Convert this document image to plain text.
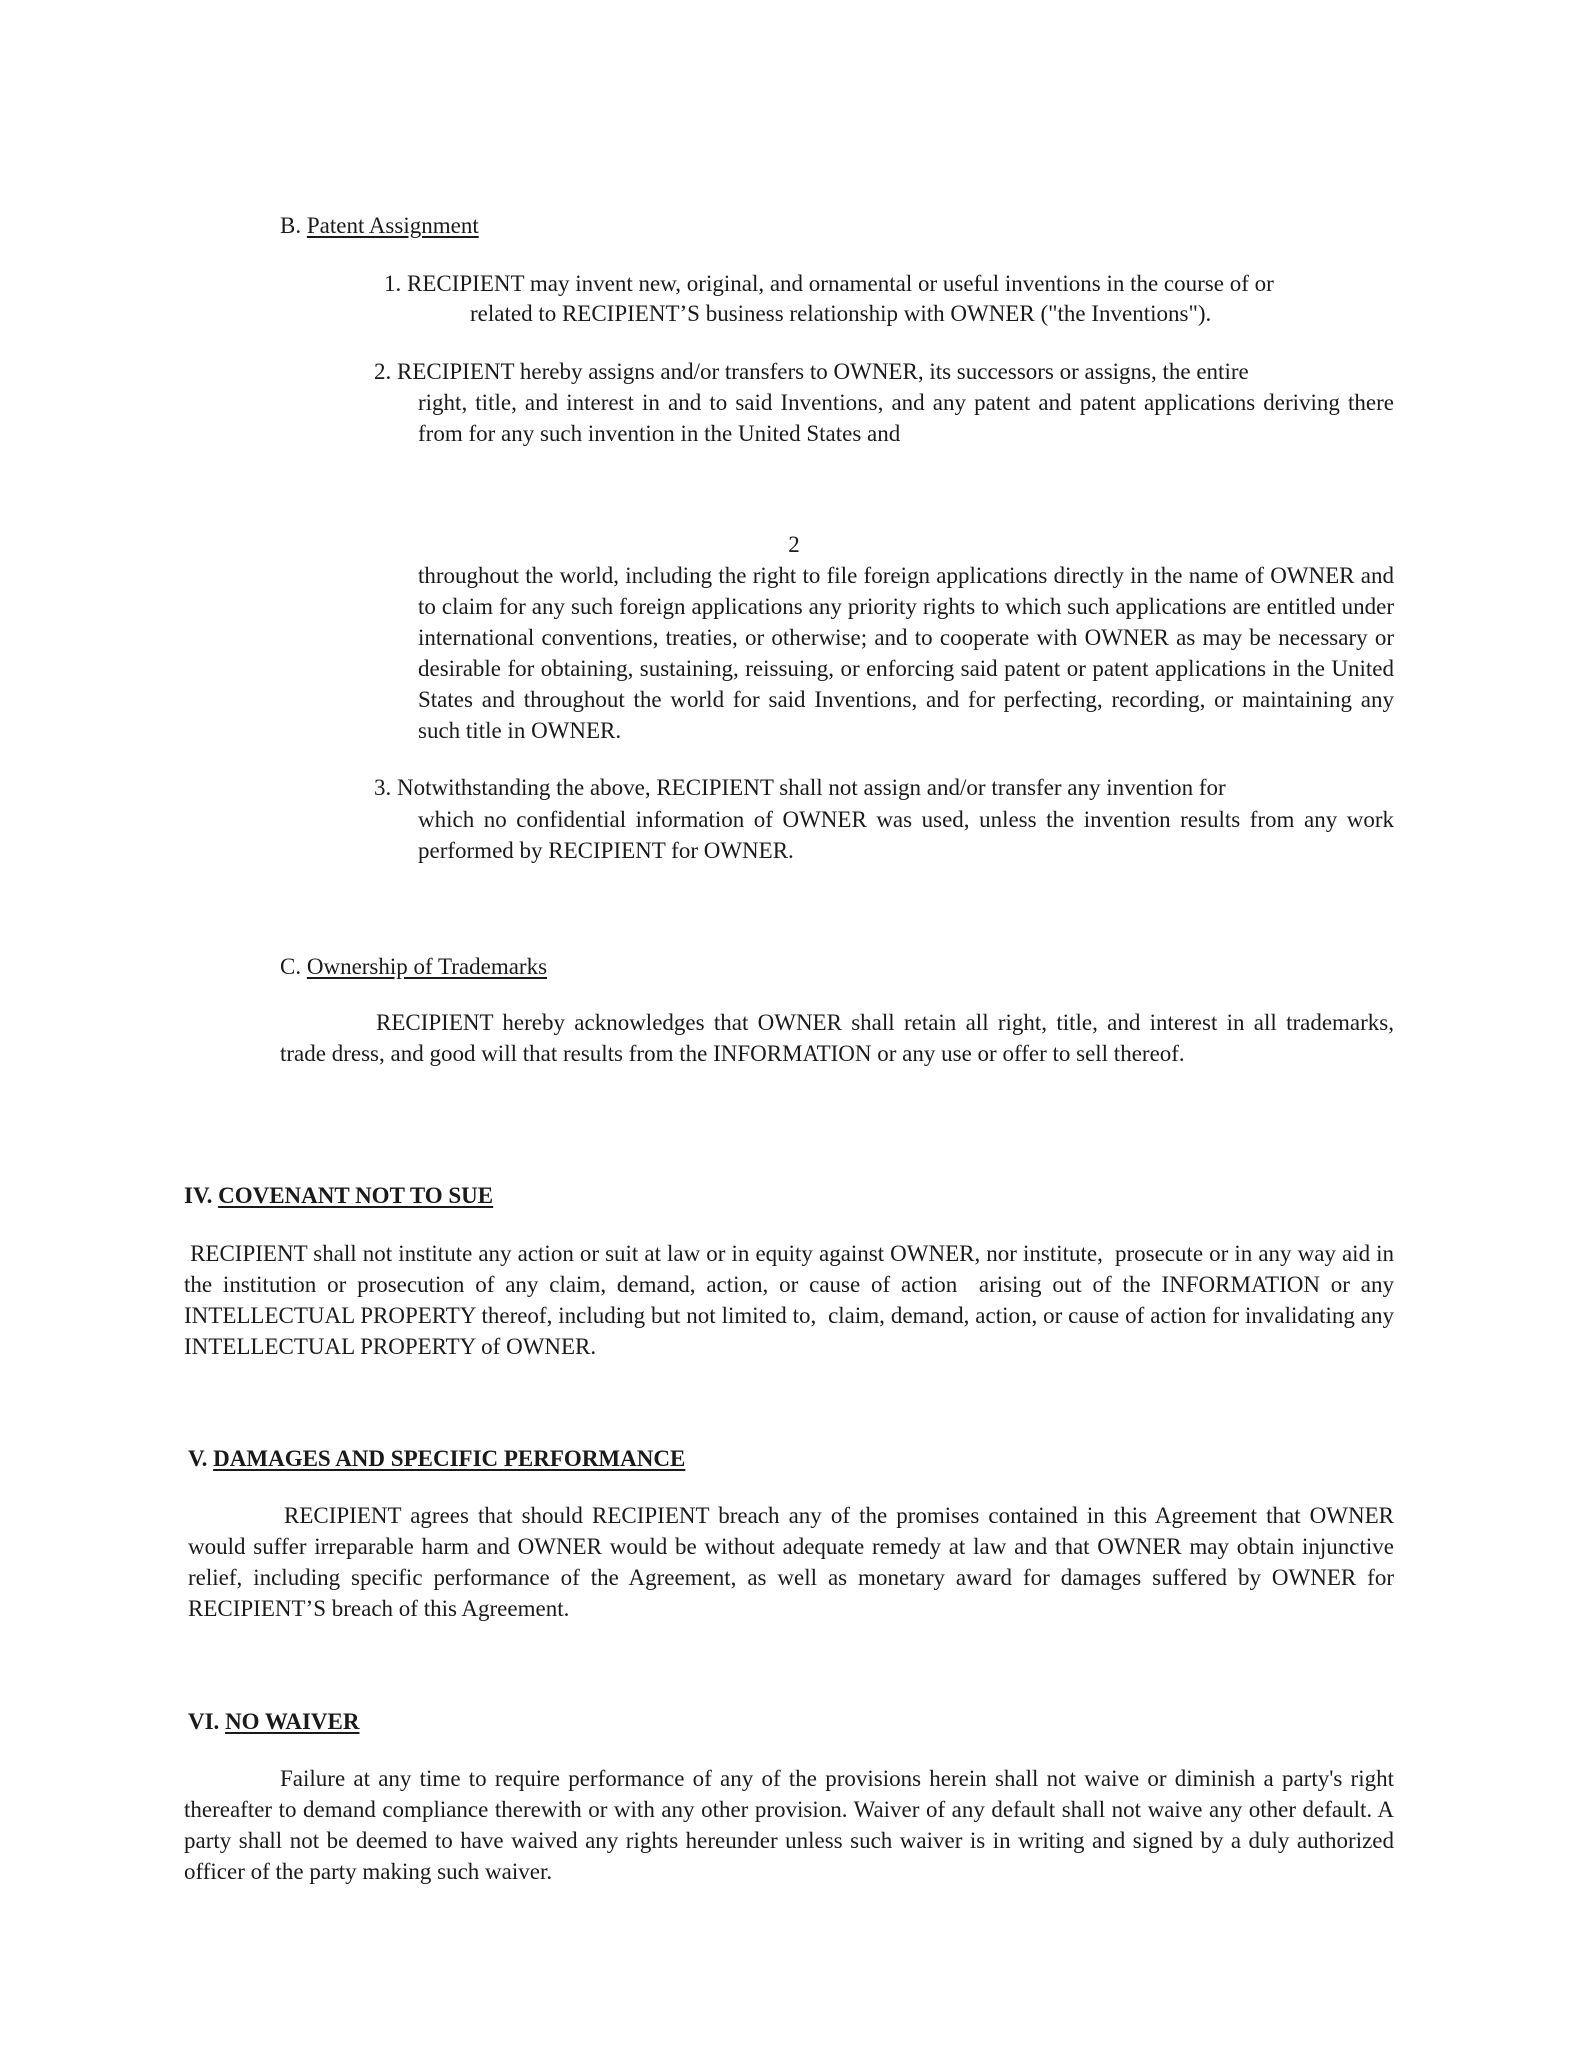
B. Patent Assignment

1. RECIPIENT may invent new, original, and ornamental or useful inventions in the course of or

related to RECIPIENT’S business relationship with OWNER ("the Inventions").

2. RECIPIENT hereby assigns and/or transfers to OWNER, its successors or assigns, the entire

right, title, and interest in and to said Inventions, and any patent and patent applications deriving there from for any such invention in the United States and

2

throughout the world, including the right to file foreign applications directly in the name of OWNER and to claim for any such foreign applications any priority rights to which such applications are entitled under international conventions, treaties, or otherwise; and to cooperate with OWNER as may be necessary or desirable for obtaining, sustaining, reissuing, or enforcing said patent or patent applications in the United States and throughout the world for said Inventions, and for perfecting, recording, or maintaining any such title in OWNER.

3. Notwithstanding the above, RECIPIENT shall not assign and/or transfer any invention for

which no confidential information of OWNER was used, unless the invention results from any work performed by RECIPIENT for OWNER.

C. Ownership of Trademarks

RECIPIENT hereby acknowledges that OWNER shall retain all right, title, and interest in all trademarks, trade dress, and good will that results from the INFORMATION or any use or offer to sell thereof.

IV. COVENANT NOT TO SUE

RECIPIENT shall not institute any action or suit at law or in equity against OWNER, nor institute,  prosecute or in any way aid in the institution or prosecution of any claim, demand, action, or cause of action  arising out of the INFORMATION or any INTELLECTUAL PROPERTY thereof, including but not limited to,  claim, demand, action, or cause of action for invalidating any INTELLECTUAL PROPERTY of OWNER.

V. DAMAGES AND SPECIFIC PERFORMANCE

RECIPIENT agrees that should RECIPIENT breach any of the promises contained in this Agreement that OWNER would suffer irreparable harm and OWNER would be without adequate remedy at law and that OWNER may obtain injunctive relief, including specific performance of the Agreement, as well as monetary award for damages suffered by OWNER for RECIPIENT’S breach of this Agreement.

VI. NO WAIVER

Failure at any time to require performance of any of the provisions herein shall not waive or diminish a party's right thereafter to demand compliance therewith or with any other provision. Waiver of any default shall not waive any other default. A party shall not be deemed to have waived any rights hereunder unless such waiver is in writing and signed by a duly authorized officer of the party making such waiver.
